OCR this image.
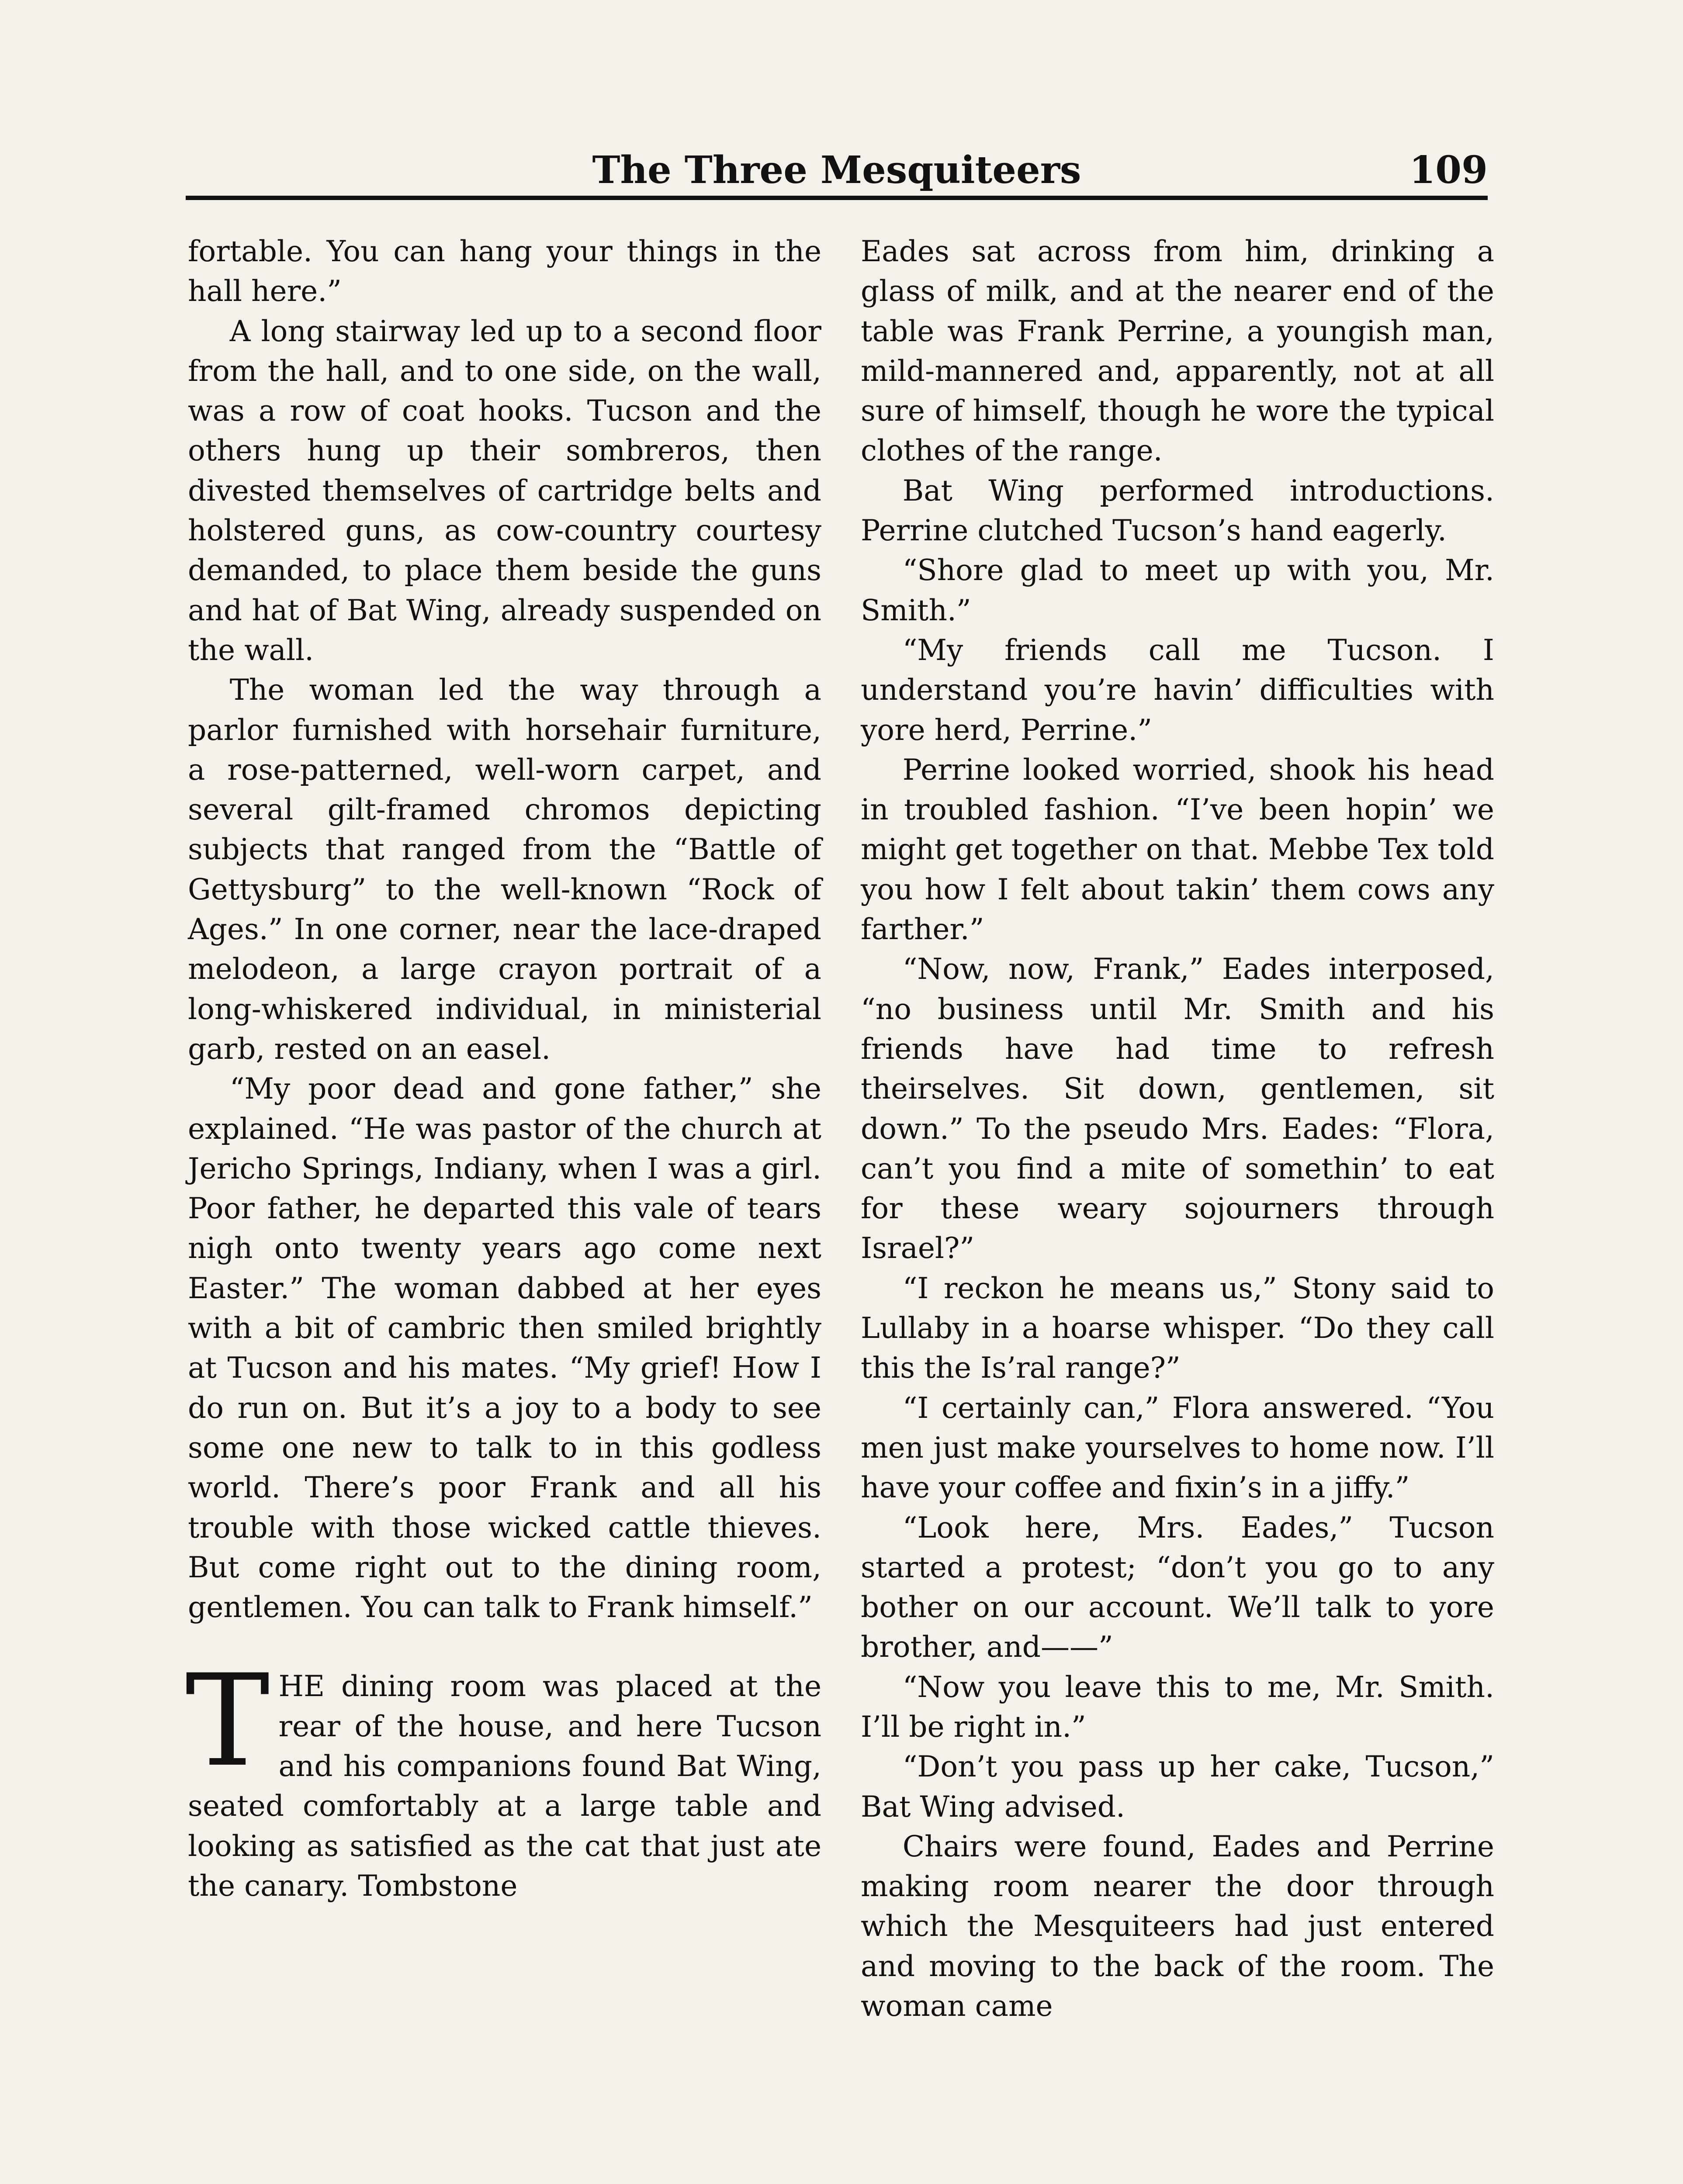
The Three Mesquiteers	109

fortable. You can hang your things in the hall here.”

A long stairway led up to a second floor from the hall, and to one side, on the wall, was a row of coat hooks. Tucson and the others hung up their sombreros, then divested themselves of cartridge belts and holstered guns, as cow-country courtesy demanded, to place them beside the guns and hat of Bat Wing, already suspended on the wall.

The woman led the way through a parlor furnished with horsehair furniture, a rose-patterned, well-worn carpet, and several gilt-framed chromos depicting subjects that ranged from the “Battle of Gettysburg” to the well-known “Rock of Ages.” In one corner, near the lace-draped melodeon, a large crayon portrait of a long-whiskered individual, in ministerial garb, rested on an easel.

“My poor dead and gone father,” she explained. “He was pastor of the church at Jericho Springs, Indiany, when I was a girl. Poor father, he departed this vale of tears nigh onto twenty years ago come next Easter.” The woman dabbed at her eyes with a bit of cambric then smiled brightly at Tucson and his mates. “My grief! How I do run on. But it’s a joy to a body to see some one new to talk to in this godless world. There’s poor Frank and all his trouble with those wicked cattle thieves. But come right out to the dining room, gentlemen. You can talk to Frank himself.”

THE dining room was placed at the rear of the house, and here Tucson and his companions found Bat Wing, seated comfortably at a large table and looking as satisfied as the cat that just ate the canary. Tombstone

Eades sat across from him, drinking a glass of milk, and at the nearer end of the table was Frank Perrine, a youngish man, mild-mannered and, apparently, not at all sure of himself, though he wore the typical clothes of the range.

Bat Wing performed introductions. Perrine clutched Tucson’s hand eagerly.

“Shore glad to meet up with you, Mr. Smith.”

“My friends call me Tucson. I understand you’re havin’ difficulties with yore herd, Perrine.”

Perrine looked worried, shook his head in troubled fashion. “I’ve been hopin’ we might get together on that. Mebbe Tex told you how I felt about takin’ them cows any farther.”

“Now, now, Frank,” Eades interposed, “no business until Mr. Smith and his friends have had time to refresh theirselves. Sit down, gentlemen, sit down.” To the pseudo Mrs. Eades: “Flora, can’t you find a mite of somethin’ to eat for these weary sojourners through Israel?”

“I reckon he means us,” Stony said to Lullaby in a hoarse whisper. “Do they call this the Is’ral range?”

“I certainly can,” Flora answered. “You men just make yourselves to home now. I’ll have your coffee and fixin’s in a jiffy.”

“Look here, Mrs. Eades,” Tucson started a protest; “don’t you go to any bother on our account. We’ll talk to yore brother, and——”

“Now you leave this to me, Mr. Smith. I’ll be right in.”

“Don’t you pass up her cake, Tucson,” Bat Wing advised.

Chairs were found, Eades and Perrine making room nearer the door through which the Mesquiteers had just entered and moving to the back of the room. The woman came
